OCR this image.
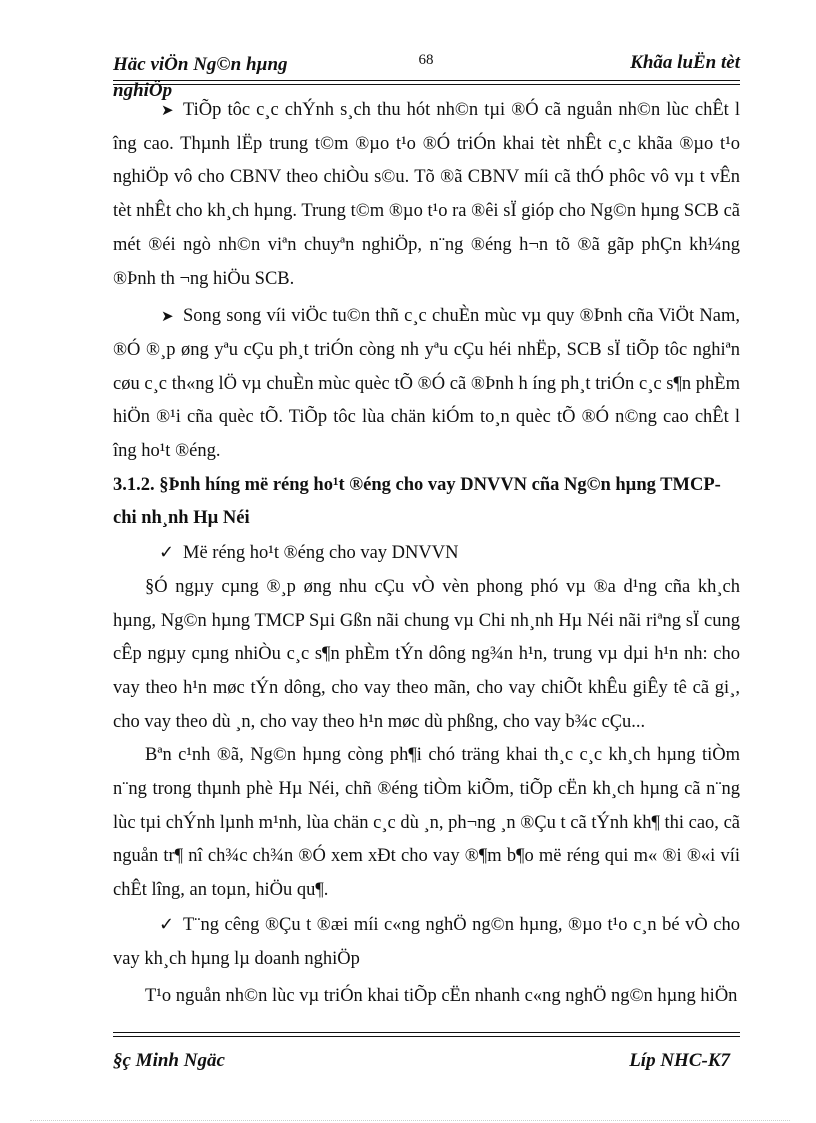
Häc viÖn Ng©n hµng nghiÖp
68	Khãa luËn tèt

➤ TiÕp tôc c¸c chÝnh s¸ch thu hót nh©n tµi ®Ó cã nguån nh©n lùc chÊt l îng cao. Thµnh lËp trung t©m ®µo t¹o ®Ó triÓn khai tèt nhÊt c¸c khãa ®µo t¹o nghiÖp vô cho CBNV theo chiÒu s©u. Tõ ®ã CBNV míi cã thÓ phôc vô vµ t vÊn tèt nhÊt cho kh¸ch hµng. Trung t©m ®µo t¹o ra ®êi sÏ gióp cho Ng©n hµng SCB cã mét ®éi ngò nh©n viªn chuyªn nghiÖp, n¨ng ®éng h¬n tõ ®ã gãp phÇn kh¼ng ®Þnh th ¬ng hiÖu SCB.

➤ Song song víi viÖc tu©n thñ c¸c chuÈn mùc vµ quy ®Þnh cña ViÖt Nam, ®Ó ®¸p øng yªu cÇu ph¸t triÓn còng nh yªu cÇu héi nhËp, SCB sÏ tiÕp tôc nghiªn cøu c¸c th«ng lÖ vµ chuÈn mùc quèc tÕ ®Ó cã ®Þnh h íng ph¸t triÓn c¸c s¶n phÈm hiÖn ®¹i cña quèc tÕ. TiÕp tôc lùa chän kiÓm to¸n quèc tÕ ®Ó n©ng cao chÊt l îng ho¹t ®éng.

3.1.2. §Þnh híng më réng ho¹t ®éng cho vay DNVVN cña Ng©n hµng TMCP- chi nh¸nh Hµ Néi

✓ Më réng ho¹t ®éng cho vay DNVVN

§Ó ngµy cµng ®¸p øng nhu cÇu vÒ vèn phong phó vµ ®a d¹ng cña kh¸ch hµng, Ng©n hµng TMCP Sµi Gßn nãi chung vµ Chi nh¸nh Hµ Néi nãi riªng sÏ cung cÊp ngµy cµng nhiÒu c¸c s¶n phÈm tÝn dông ng¾n h¹n, trung vµ dµi h¹n nh: cho vay theo h¹n møc tÝn dông, cho vay theo mãn, cho vay chiÕt khÊu giÊy tê cã gi¸, cho vay theo dù ¸n, cho vay theo h¹n møc dù phßng, cho vay b¾c cÇu...

Bªn c¹nh ®ã, Ng©n hµng còng ph¶i chó träng khai th¸c c¸c kh¸ch hµng tiÒm n¨ng trong thµnh phè Hµ Néi, chñ ®éng tiÒm kiÕm, tiÕp cËn kh¸ch hµng cã n¨ng lùc tµi chÝnh lµnh m¹nh, lùa chän c¸c dù ¸n, ph¬ng ¸n ®Çu t cã tÝnh kh¶ thi cao, cã nguån tr¶ nî ch¾c ch¾n ®Ó xem xÐt cho vay ®¶m b¶o më réng qui m« ®i ®«i víi chÊt lîng, an toµn, hiÖu qu¶.

✓ T¨ng cêng ®Çu t ®æi míi c«ng nghÖ ng©n hµng, ®µo t¹o c¸n bé vÒ cho vay kh¸ch hµng lµ doanh nghiÖp

T¹o nguån nh©n lùc vµ triÓn khai tiÕp cËn nhanh c«ng nghÖ ng©n hµng hiÖn

§ç Minh Ngäc	Líp NHC-K7
